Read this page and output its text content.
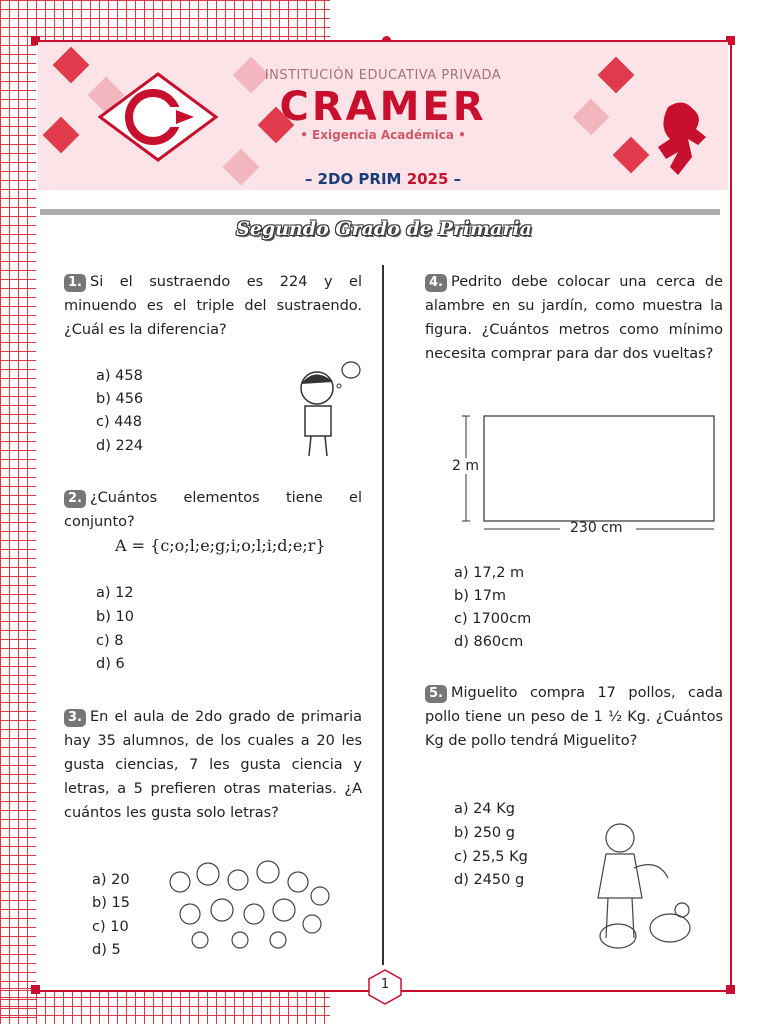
INSTITUCIÓN EDUCATIVA PRIVADA
CRAMER
• Exigencia Académica •
– 2DO PRIM 2025 –
Segundo Grado de Primaria
1. Si el sustraendo es 224 y el minuendo es el triple del sustraendo. ¿Cuál es la diferencia?
a) 458
b) 456
c) 448
d) 224
2. ¿Cuántos elementos tiene el conjunto?
A = {c;o;l;e;g;i;o;l;i;d;e;r}
a) 12
b) 10
c) 8
d) 6
3. En el aula de 2do grado de primaria hay 35 alumnos, de los cuales a 20 les gusta ciencias, 7 les gusta ciencia y letras, a 5 prefieren otras materias. ¿A cuántos les gusta solo letras?
a) 20
b) 15
c) 10
d) 5
4. Pedrito debe colocar una cerca de alambre en su jardín, como muestra la figura. ¿Cuántos metros como mínimo necesita comprar para dar dos vueltas?
2 m
230 cm
a) 17,2 m
b) 17m
c) 1700cm
d) 860cm
5. Miguelito compra 17 pollos, cada pollo tiene un peso de 1 ½ Kg. ¿Cuántos Kg de pollo tendrá Miguelito?
a) 24 Kg
b) 250 g
c) 25,5 Kg
d) 2450 g
1
